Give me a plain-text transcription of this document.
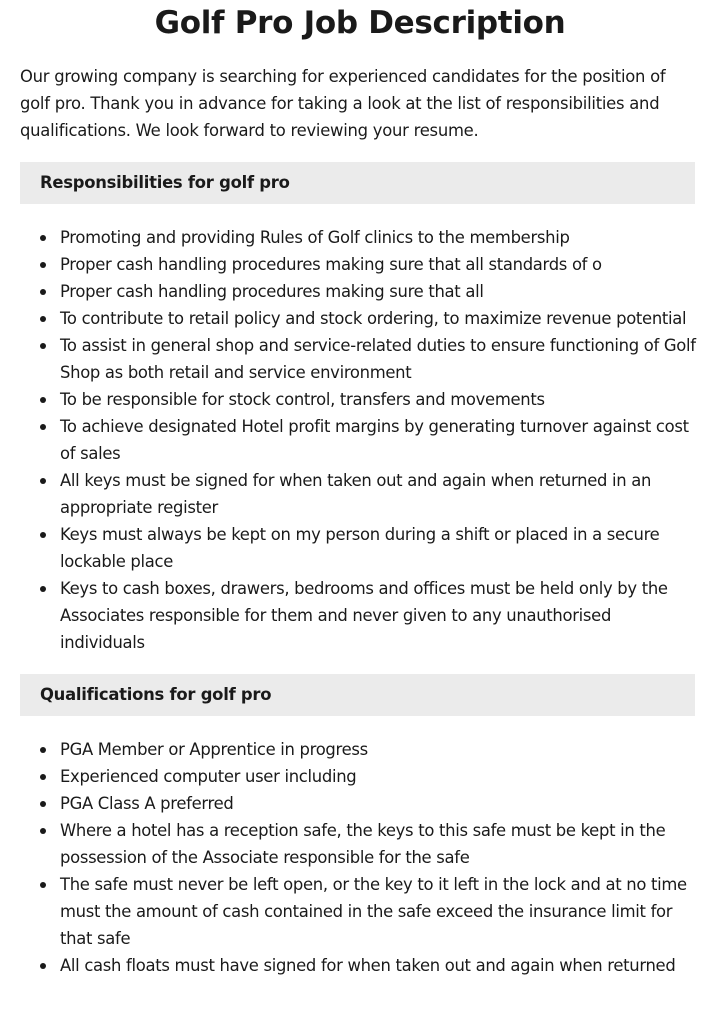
Golf Pro Job Description

Our growing company is searching for experienced candidates for the position of golf pro. Thank you in advance for taking a look at the list of responsibilities and qualifications. We look forward to reviewing your resume.

Responsibilities for golf pro
Promoting and providing Rules of Golf clinics to the membership
Proper cash handling procedures making sure that all standards of o
Proper cash handling procedures making sure that all
To contribute to retail policy and stock ordering, to maximize revenue potential
To assist in general shop and service-related duties to ensure functioning of Golf Shop as both retail and service environment
To be responsible for stock control, transfers and movements
To achieve designated Hotel profit margins by generating turnover against cost of sales
All keys must be signed for when taken out and again when returned in an appropriate register
Keys must always be kept on my person during a shift or placed in a secure lockable place
Keys to cash boxes, drawers, bedrooms and offices must be held only by the Associates responsible for them and never given to any unauthorised individuals
Qualifications for golf pro
PGA Member or Apprentice in progress
Experienced computer user including
PGA Class A preferred
Where a hotel has a reception safe, the keys to this safe must be kept in the possession of the Associate responsible for the safe
The safe must never be left open, or the key to it left in the lock and at no time must the amount of cash contained in the safe exceed the insurance limit for that safe
All cash floats must have signed for when taken out and again when returned
